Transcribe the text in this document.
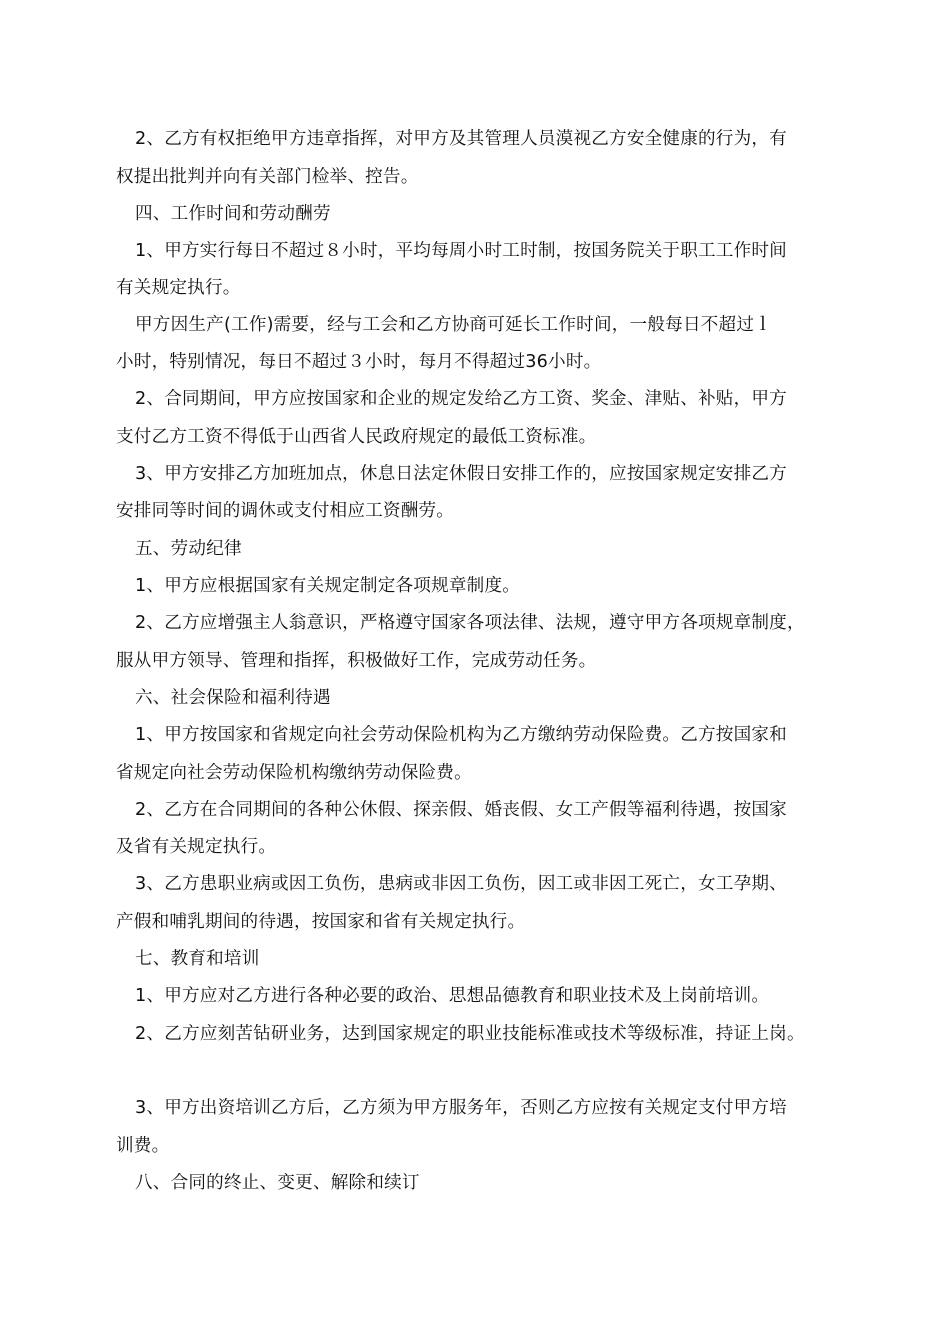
2、乙方有权拒绝甲方违章指挥，对甲方及其管理人员漠视乙方安全健康的行为，有
权提出批判并向有关部门检举、控告。
四、工作时间和劳动酬劳
1、甲方实行每日不超过８小时，平均每周小时工时制，按国务院关于职工工作时间
有关规定执行。
甲方因生产(工作)需要，经与工会和乙方协商可延长工作时间，一般每日不超过ｌ
小时，特别情况，每日不超过３小时，每月不得超过36小时。
2、合同期间，甲方应按国家和企业的规定发给乙方工资、奖金、津贴、补贴，甲方
支付乙方工资不得低于山西省人民政府规定的最低工资标准。
3、甲方安排乙方加班加点，休息日法定休假日安排工作的，应按国家规定安排乙方
安排同等时间的调休或支付相应工资酬劳。
五、劳动纪律
1、甲方应根据国家有关规定制定各项规章制度。
2、乙方应增强主人翁意识，严格遵守国家各项法律、法规，遵守甲方各项规章制度，
服从甲方领导、管理和指挥，积极做好工作，完成劳动任务。
六、社会保险和福利待遇
1、甲方按国家和省规定向社会劳动保险机构为乙方缴纳劳动保险费。乙方按国家和
省规定向社会劳动保险机构缴纳劳动保险费。
2、乙方在合同期间的各种公休假、探亲假、婚丧假、女工产假等福利待遇，按国家
及省有关规定执行。
3、乙方患职业病或因工负伤，患病或非因工负伤，因工或非因工死亡，女工孕期、
产假和哺乳期间的待遇，按国家和省有关规定执行。
七、教育和培训
1、甲方应对乙方进行各种必要的政治、思想品德教育和职业技术及上岗前培训。
2、乙方应刻苦钻研业务，达到国家规定的职业技能标准或技术等级标准，持证上岗。
3、甲方出资培训乙方后，乙方须为甲方服务年，否则乙方应按有关规定支付甲方培
训费。
八、合同的终止、变更、解除和续订
